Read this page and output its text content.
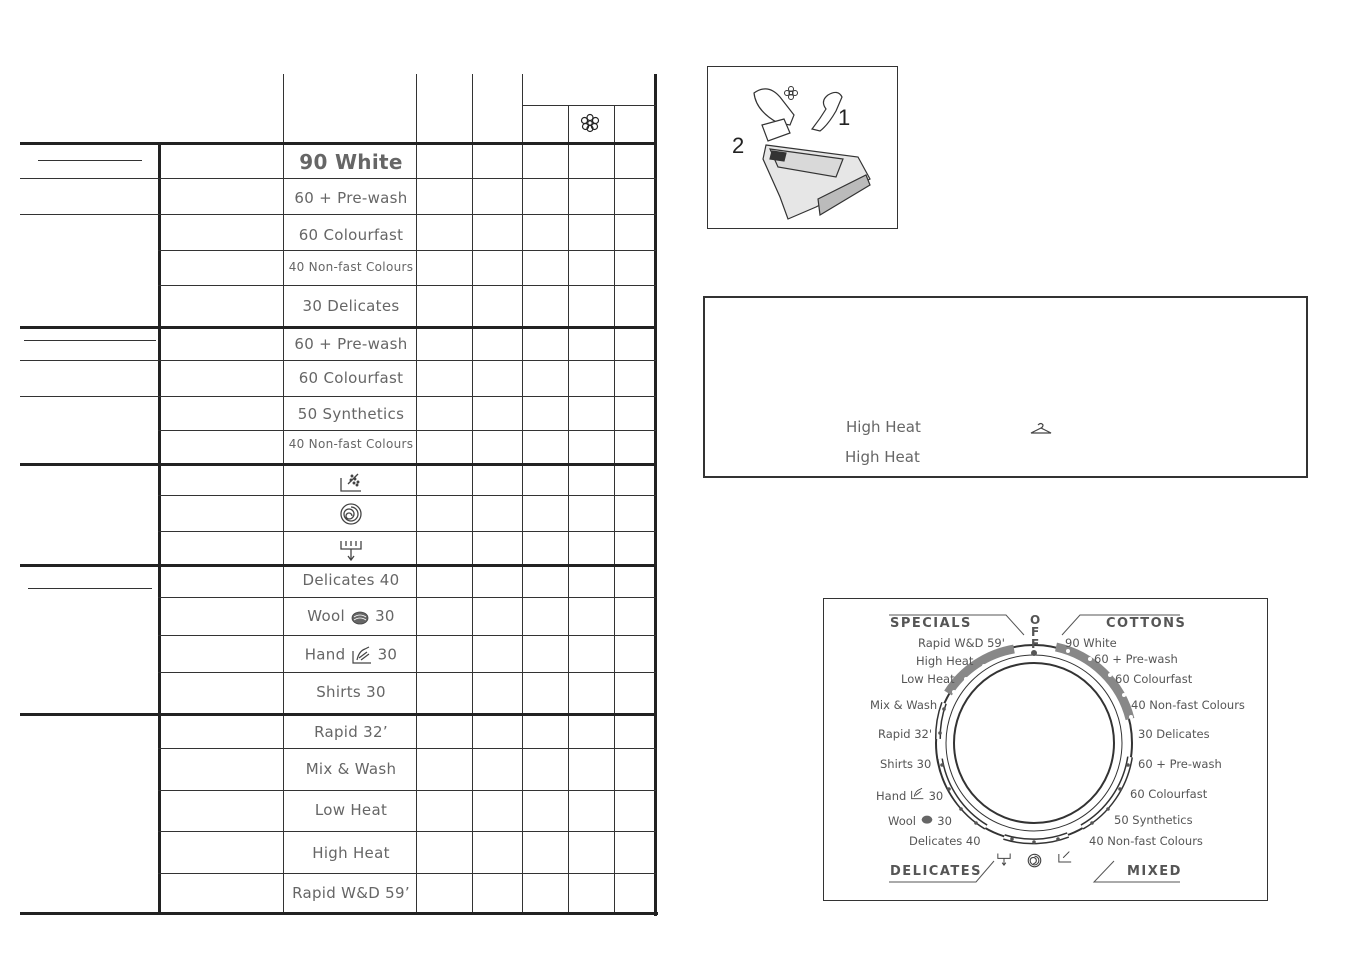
90 White
60 + Pre-wash
60 Colourfast
40 Non-fast Colours
30 Delicates
60 + Pre-wash
60 Colourfast
50 Synthetics
40 Non-fast Colours
Delicates 40
Wool 30
Hand 30
Shirts 30
Rapid 32’
Mix & Wash
Low Heat
High Heat
Rapid W&D 59’
1
2
High Heat
High Heat
O
F
F
SPECIALS	COTTONS
DELICATES	MIXED
Rapid W&D 59'
High Heat
Low Heat
Mix & Wash
Rapid 32'
Shirts 30
Hand 30
Wool 30
Delicates 40
90 White
60 + Pre-wash
60 Colourfast
40 Non-fast Colours
30 Delicates
60 + Pre-wash
60 Colourfast
50 Synthetics
40 Non-fast Colours
